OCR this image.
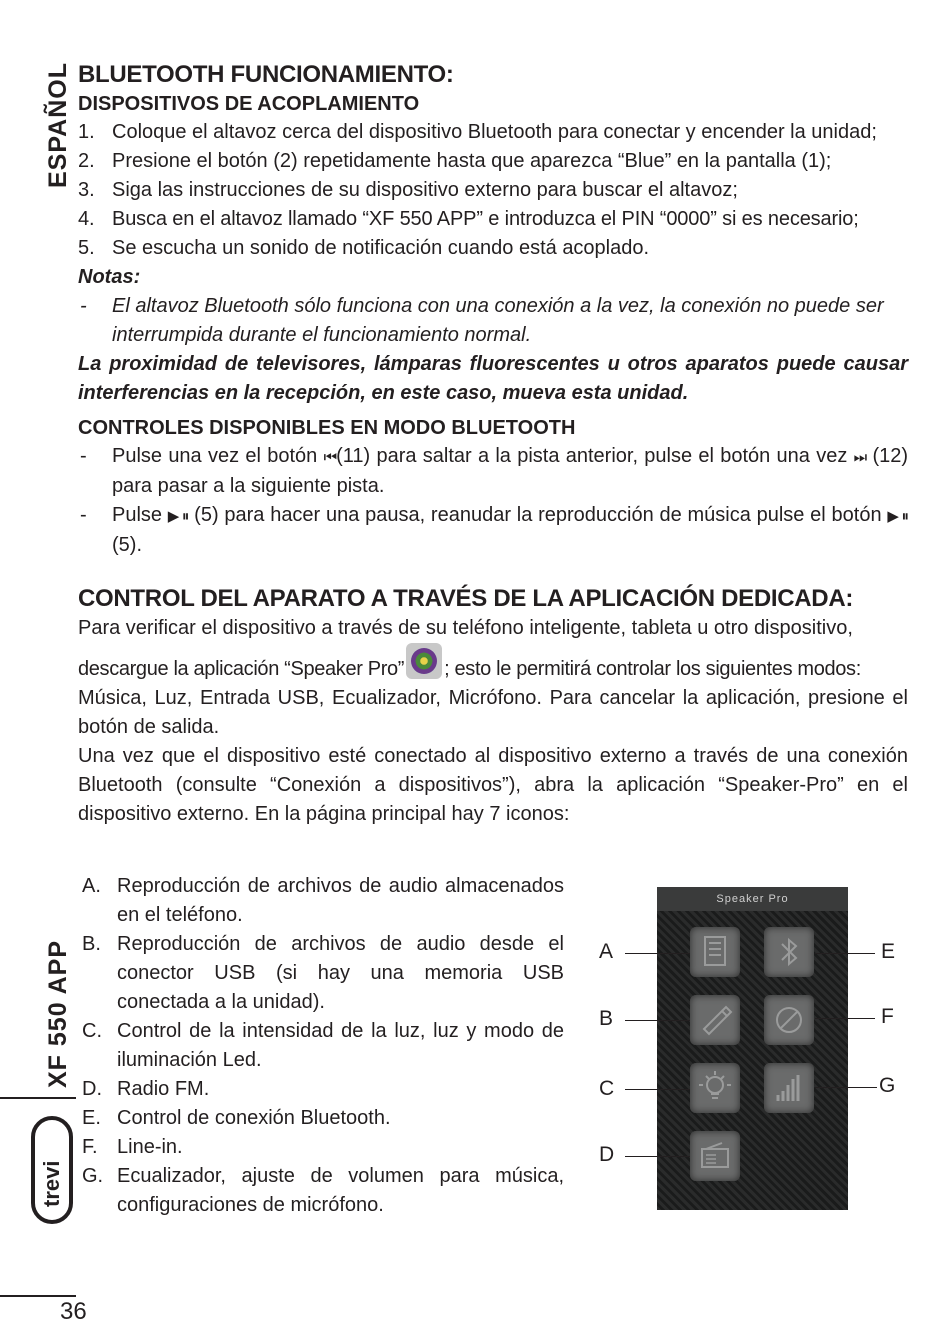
ESPAÑOL BLUETOOTH FUNCIONAMIENTO:
DISPOSITIVOS DE ACOPLAMIENTO
1. Coloque el altavoz cerca del dispositivo Bluetooth para conectar y encender la unidad;
2. Presione el botón (2) repetidamente hasta que aparezca “Blue” en la pantalla (1);
3. Siga las instrucciones de su dispositivo externo para buscar el altavoz;
4. Busca en el altavoz llamado “XF 550 APP” e introduzca el PIN “0000” si es necesario;
5. Se escucha un sonido de notificación cuando está acoplado.

Notas:

- El altavoz Bluetooth sólo funciona con una conexión a la vez, la conexión no puede ser interrumpida durante el funcionamiento normal.

La proximidad de televisores, lámparas fluorescentes u otros aparatos puede causar interferencias en la recepción, en este caso, mueva esta unidad.

CONTROLES DISPONIBLES EN MODO BLUETOOTH
- Pulse una vez el botón ⏮(11) para saltar a la pista anterior, pulse el botón una vez ⏭ (12) para pasar a la siguiente pista.
- Pulse ▶ ⏸ (5) para hacer una pausa, reanudar la reproducción de música pulse el botón ▶ ⏸ (5).
CONTROL DEL APARATO A TRAVÉS DE LA APLICACIÓN DEDICADA:

Para verificar el dispositivo a través de su teléfono inteligente, tableta u otro dispositivo,

descargue la aplicación “Speaker Pro” ; esto le permitirá controlar los siguientes modos:

Música, Luz, Entrada USB, Ecualizador, Micrófono. Para cancelar la aplicación, presione el botón de salida.

Una vez que el dispositivo esté conectado al dispositivo externo a través de una conexión Bluetooth (consulte “Conexión a dispositivos”), abra la aplicación “Speaker-Pro” en el dispositivo externo. En la página principal hay 7 iconos:

A. Reproducción de archivos de audio almacenados en el teléfono.
B. Reproducción de archivos de audio desde el conector USB (si hay una memoria USB conectada a la unidad).
C. Control de la intensidad de la luz, luz y modo de iluminación Led.
D. Radio FM.
E. Control de conexión Bluetooth.
F. Line-in.
G. Ecualizador, ajuste de volumen para música, configuraciones de micrófono.
Speaker Pro
A
B
C
D
E
F
G
XF 550 APP
trevi
36
